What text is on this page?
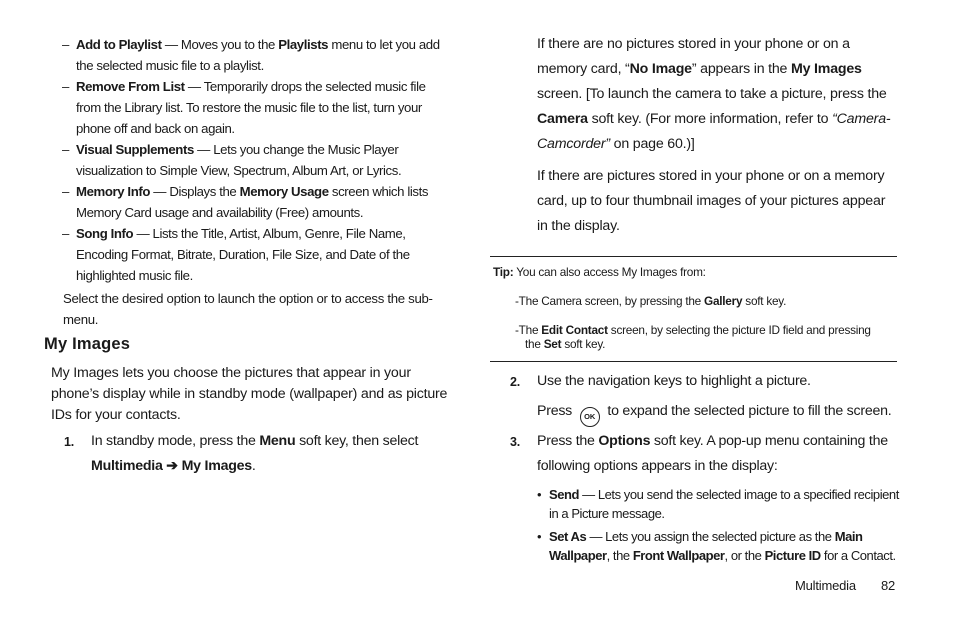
– Add to Playlist — Moves you to the Playlists menu to let you add the selected music file to a playlist.
– Remove From List — Temporarily drops the selected music file from the Library list. To restore the music file to the list, turn your phone off and back on again.
– Visual Supplements — Lets you change the Music Player visualization to Simple View, Spectrum, Album Art, or Lyrics.
– Memory Info — Displays the Memory Usage screen which lists Memory Card usage and availability (Free) amounts.
– Song Info — Lists the Title, Artist, Album, Genre, File Name, Encoding Format, Bitrate, Duration, File Size, and Date of the highlighted music file.
Select the desired option to launch the option or to access the sub-menu.
My Images
My Images lets you choose the pictures that appear in your phone’s display while in standby mode (wallpaper) and as picture IDs for your contacts.
1. In standby mode, press the Menu soft key, then select Multimedia ➔ My Images.
If there are no pictures stored in your phone or on a memory card, “No Image” appears in the My Images screen. [To launch the camera to take a picture, press the Camera soft key. (For more information, refer to “Camera-Camcorder” on page 60.)]
If there are pictures stored in your phone or on a memory card, up to four thumbnail images of your pictures appear in the display.
Tip: You can also access My Images from:
-The Camera screen, by pressing the Gallery soft key.
-The Edit Contact screen, by selecting the picture ID field and pressing
the Set soft key.
2. Use the navigation keys to highlight a picture.
Press OK to expand the selected picture to fill the screen.
3. Press the Options soft key. A pop-up menu containing the following options appears in the display:
• Send — Lets you send the selected image to a specified recipient in a Picture message.
• Set As — Lets you assign the selected picture as the Main Wallpaper, the Front Wallpaper, or the Picture ID for a Contact.
Multimedia 82
